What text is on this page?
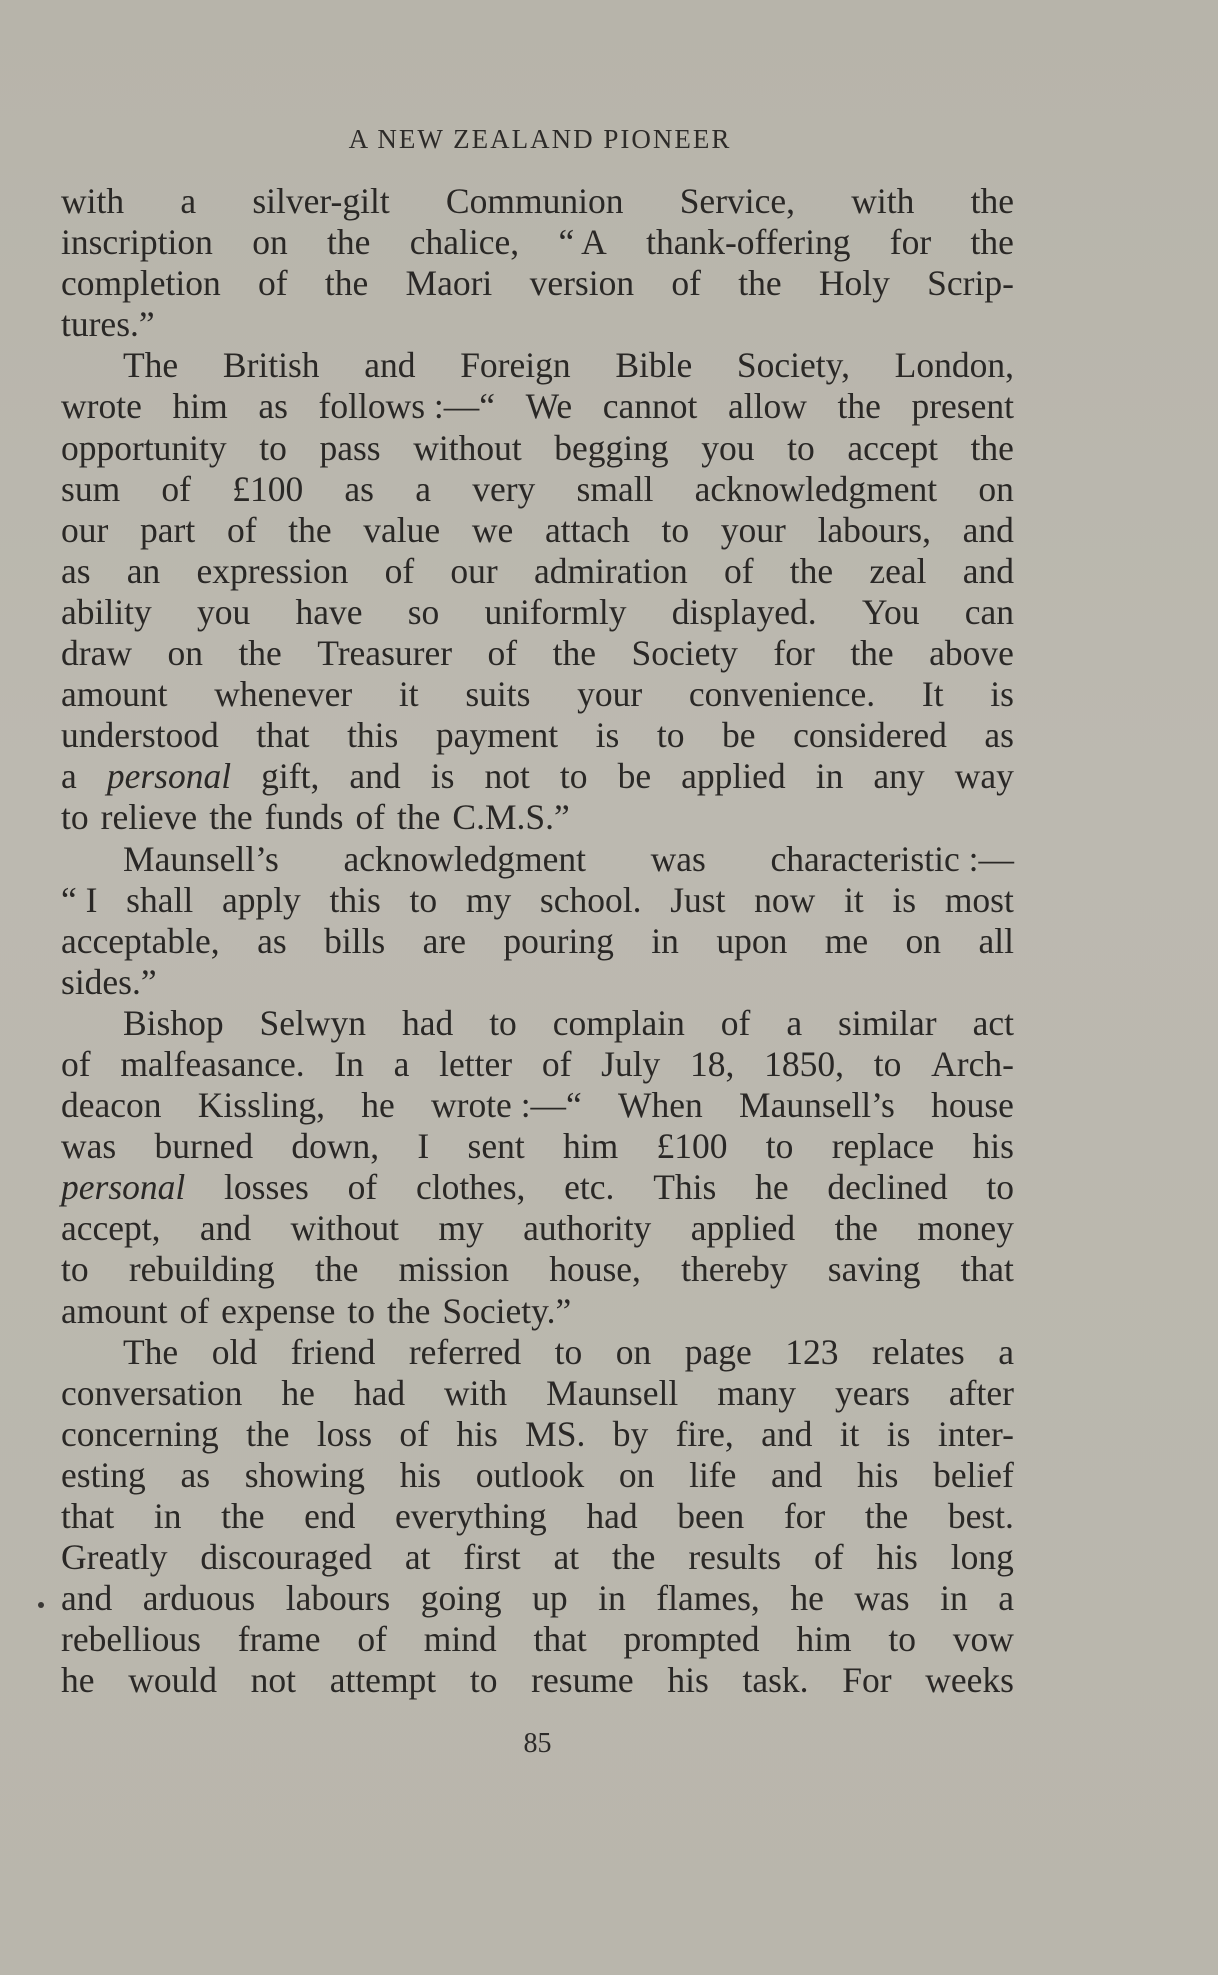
A NEW ZEALAND PIONEER
with a silver-gilt Communion Service, with the
inscription on the chalice, “ A thank-offering for the
completion of the Maori version of the Holy Scrip-
tures.”
The British and Foreign Bible Society, London,
wrote him as follows :—“ We cannot allow the present
opportunity to pass without begging you to accept the
sum of £100 as a very small acknowledgment on
our part of the value we attach to your labours, and
as an expression of our admiration of the zeal and
ability you have so uniformly displayed. You can
draw on the Treasurer of the Society for the above
amount whenever it suits your convenience. It is
understood that this payment is to be considered as
a personal gift, and is not to be applied in any way
to relieve the funds of the C.M.S.”
Maunsell’s acknowledgment was characteristic :—
“ I shall apply this to my school. Just now it is most
acceptable, as bills are pouring in upon me on all
sides.”
Bishop Selwyn had to complain of a similar act
of malfeasance. In a letter of July 18, 1850, to Arch-
deacon Kissling, he wrote :—“ When Maunsell’s house
was burned down, I sent him £100 to replace his
personal losses of clothes, etc. This he declined to
accept, and without my authority applied the money
to rebuilding the mission house, thereby saving that
amount of expense to the Society.”
The old friend referred to on page 123 relates a
conversation he had with Maunsell many years after
concerning the loss of his MS. by fire, and it is inter-
esting as showing his outlook on life and his belief
that in the end everything had been for the best.
Greatly discouraged at first at the results of his long
and arduous labours going up in flames, he was in a
rebellious frame of mind that prompted him to vow
he would not attempt to resume his task. For weeks
85
